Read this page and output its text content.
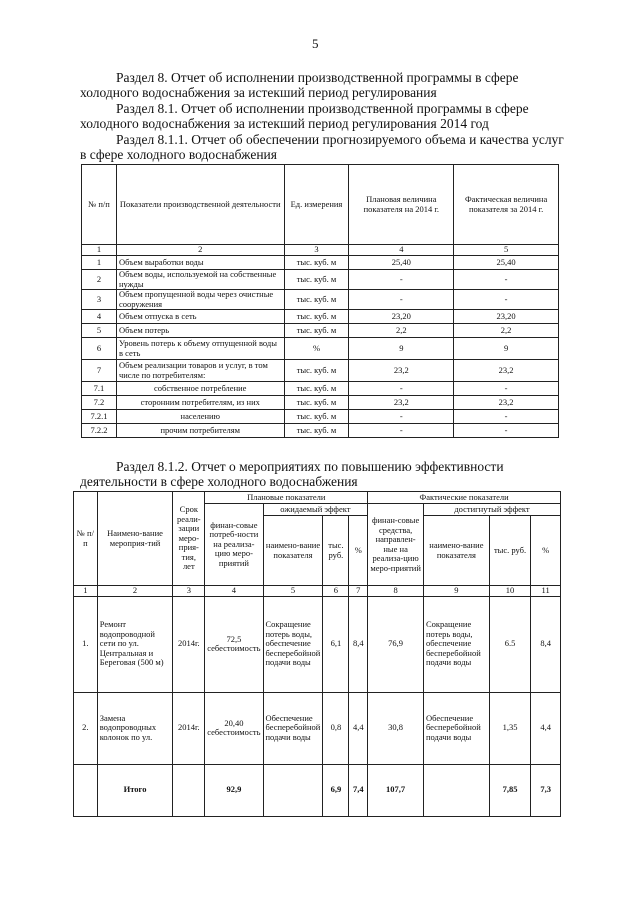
5
Раздел 8. Отчет об исполнении производственной программы в сфере холодного водоснабжения за истекший период регулирования
Раздел 8.1. Отчет об исполнении производственной программы в сфере холодного водоснабжения за истекший период регулирования 2014 год
Раздел 8.1.1. Отчет об обеспечении прогнозируемого объема и качества услуг в сфере холодного водоснабжения
№ п/п	Показатели производственной деятельности	Ед. измерения	Плановая величина показателя на 2014 г.	Фактическая величина показателя за 2014 г.
1	2	3	4	5
1	Объем выработки воды	тыс. куб. м	25,40	25,40
2	Объем воды, используемой на собственные нужды	тыс. куб. м	-	-
3	Объем пропущенной воды через очистные сооружения	тыс. куб. м	-	-
4	Объем отпуска в сеть	тыс. куб. м	23,20	23,20
5	Объем потерь	тыс. куб. м	2,2	2,2
6	Уровень потерь к объему отпущенной воды в сеть	%	9	9
7	Объем реализации товаров и услуг, в том числе по потребителям:	тыс. куб. м	23,2	23,2
7.1	собственное потребление	тыс. куб. м	-	-
7.2	сторонним потребителям, из них	тыс. куб. м	23,2	23,2
7.2.1	населению	тыс. куб. м	-	-
7.2.2	прочим потребителям	тыс. куб. м	-	-
Раздел 8.1.2. Отчет о мероприятиях по повышению эффективности деятельности в сфере холодного водоснабжения
№ п/п	Наимено-вание мероприя-тий	Срок реали-зации меро-прия-тия, лет	Плановые показатели				Фактические показатели			
			финан-совые потреб-ности на реализа-цию меро-приятий	ожидаемый эффект			финан-совые средства, направлен-ные на реализа-цию меро-приятий	достигнутый эффект		
				наимено-вание показателя	тыс. руб.	%		наимено-вание показателя	тыс. руб.	%
1	2	3	4	5	6	7	8	9	10	11
1.	Ремонт водопроводной сети по ул. Центральная и Береговая (500 м)	2014г.	72,5 себестоимость	Сокращение потерь воды, обеспечение бесперебойной подачи воды	6,1	8,4	76,9	Сокращение потерь воды, обеспечение бесперебойной подачи воды	6.5	8,4
2.	Замена водопроводных колонок по ул.	2014г.	20,40 себестоимость	Обеспечение бесперебойной подачи воды	0,8	4,4	30,8	Обеспечение бесперебойной подачи воды	1,35	4,4
	Итого		92,9		6,9	7,4	107,7		7,85	7,3
